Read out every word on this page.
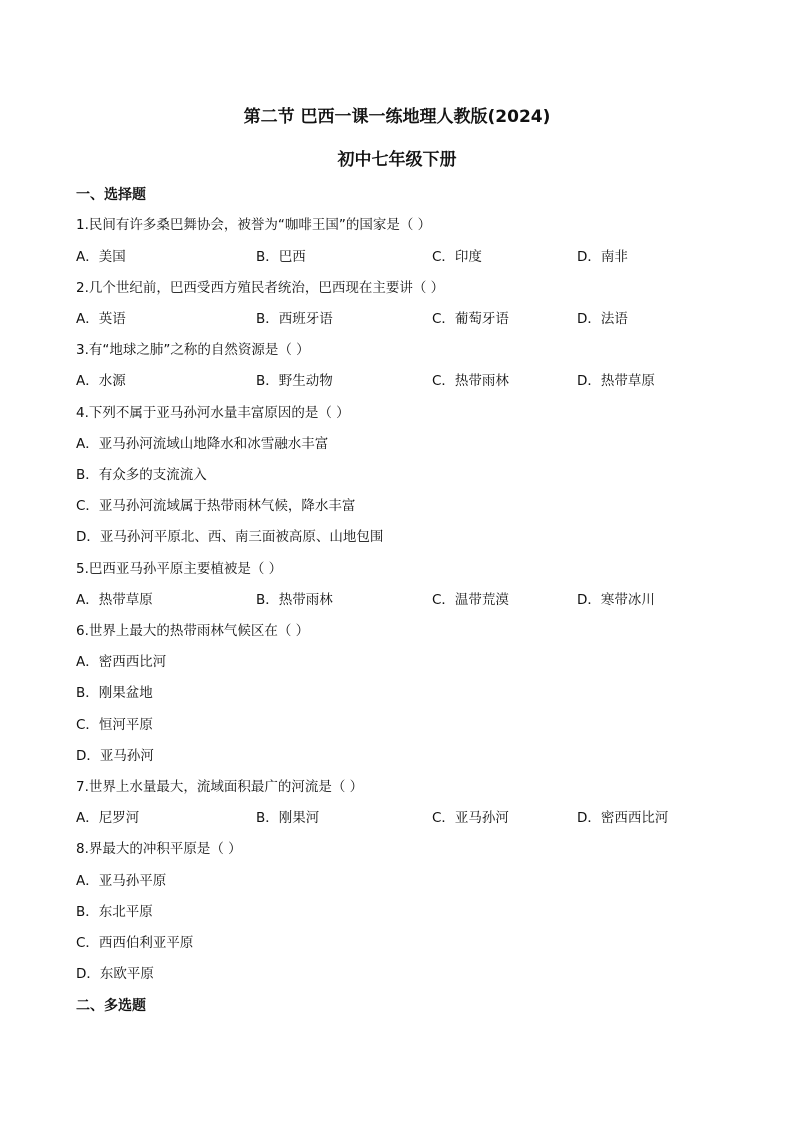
第二节 巴西一课一练地理人教版(2024)
初中七年级下册
一、选择题
1.民间有许多桑巴舞协会，被誉为“咖啡王国”的国家是（ ）
A．美国	B．巴西	C．印度	D．南非
2.几个世纪前，巴西受西方殖民者统治，巴西现在主要讲（ ）
A．英语	B．西班牙语	C．葡萄牙语	D．法语
3.有“地球之肺”之称的自然资源是（ ）
A．水源	B．野生动物	C．热带雨林	D．热带草原
4.下列不属于亚马孙河水量丰富原因的是（ ）
A．亚马孙河流域山地降水和冰雪融水丰富
B．有众多的支流流入
C．亚马孙河流域属于热带雨林气候，降水丰富
D．亚马孙河平原北、西、南三面被高原、山地包围
5.巴西亚马孙平原主要植被是（ ）
A．热带草原	B．热带雨林	C．温带荒漠	D．寒带冰川
6.世界上最大的热带雨林气候区在（ ）
A．密西西比河
B．刚果盆地
C．恒河平原
D．亚马孙河
7.世界上水量最大，流域面积最广的河流是（ ）
A．尼罗河	B．刚果河	C．亚马孙河	D．密西西比河
8.界最大的冲积平原是（ ）
A．亚马孙平原
B．东北平原
C．西西伯利亚平原
D．东欧平原
二、多选题
